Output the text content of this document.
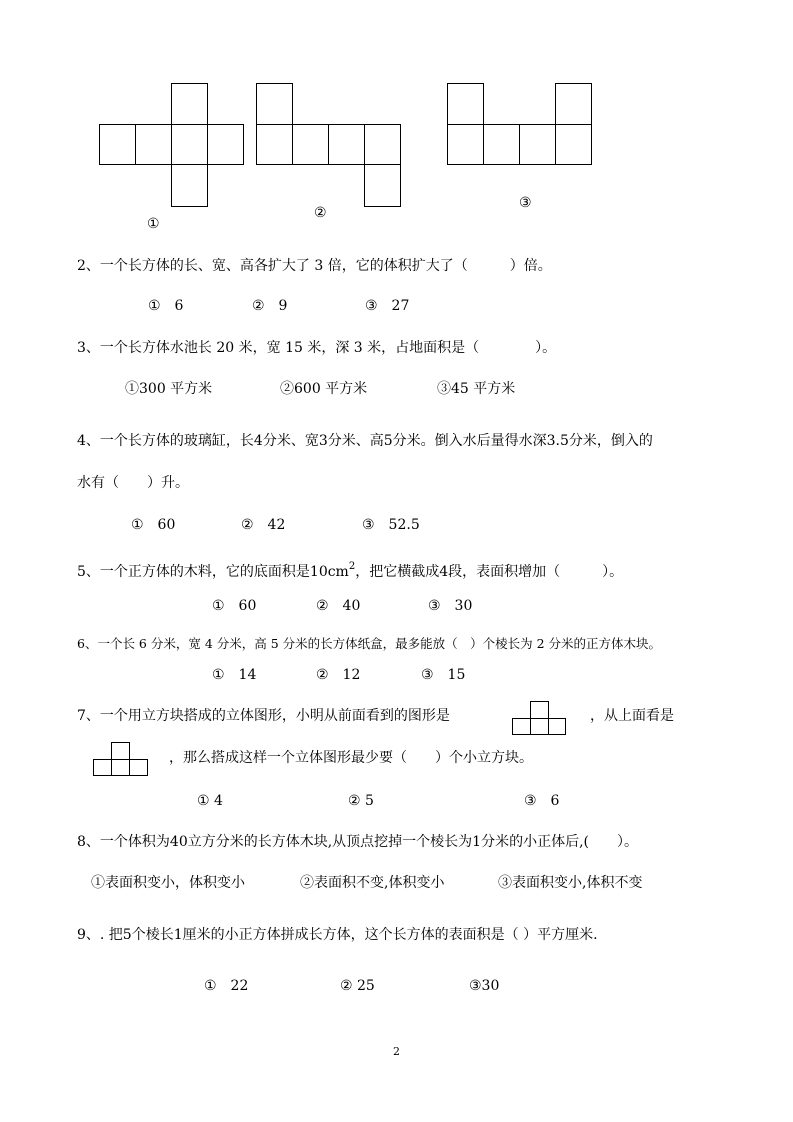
①
②
③
2、一个长方体的长、宽、高各扩大了 3 倍，它的体积扩大了（　　　）倍。
①　6	②　9	③　27
3、一个长方体水池长 20 米，宽 15 米，深 3 米，占地面积是（　　　　）。
①300 平方米	②600 平方米	③45 平方米
4、一个长方体的玻璃缸，长4分米、宽3分米、高5分米。倒入水后量得水深3.5分米，倒入的
水有（　　）升。
①　60	②　42	③　52.5
5、一个正方体的木料，它的底面积是$10cm^2$，把它横截成4段，表面积增加（　　　）。
①　60	②　40	③　30
6、一个长 6 分米，宽 4 分米，高 5 分米的长方体纸盒，最多能放（　）个棱长为 2 分米的正方体木块。
①　14	②　12	③　15
7、一个用立方块搭成的立体图形，小明从前面看到的图形是	，从上面看是
，那么搭成这样一个立体图形最少要（　　）个小立方块。
① 4	② 5	③　6
8、一个体积为40立方分米的长方体木块,从顶点挖掉一个棱长为1分米的小正体后,(　　）。
①表面积变小，体积变小	②表面积不变,体积变小	③表面积变小,体积不变
9、. 把5个棱长1厘米的小正方体拼成长方体，这个长方体的表面积是（ ）平方厘米.
①　22	② 25	③30
2
